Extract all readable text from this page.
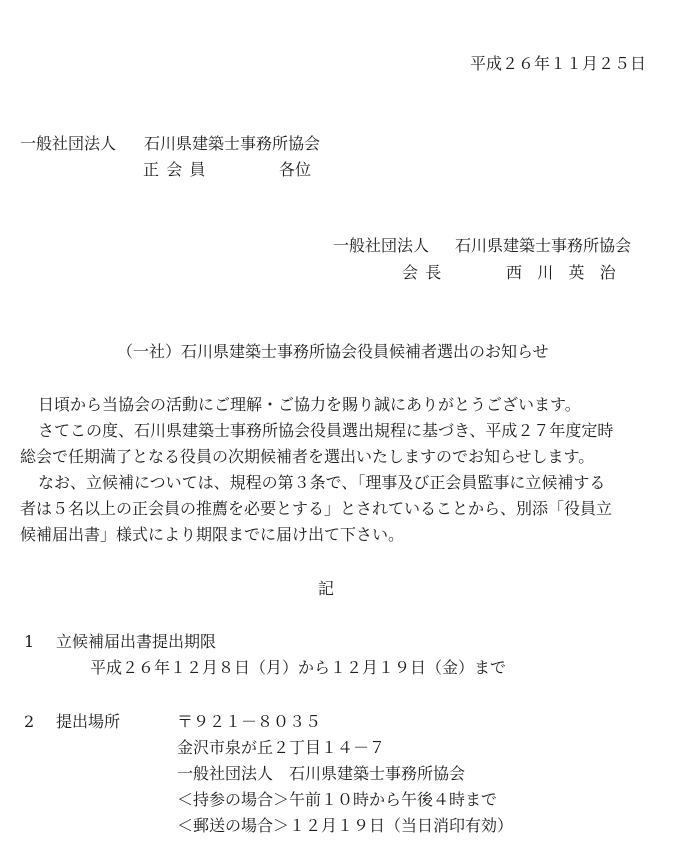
平成２６年１１月２５日

一般社団法人 石川県建築士事務所協会

正会員	各位

一般社団法人 石川県建築士事務所協会

会長	西川英治

（一社）石川県建築士事務所協会役員候補者選出のお知らせ

日頃から当協会の活動にご理解・ご協力を賜り誠にありがとうございます。

さてこの度、石川県建築士事務所協会役員選出規程に基づき、平成２７年度定時

総会で任期満了となる役員の次期候補者を選出いたしますのでお知らせします。

なお、立候補については、規程の第３条で、「理事及び正会員監事に立候補する

者は５名以上の正会員の推薦を必要とする」とされていることから、別添「役員立

候補届出書」様式により期限までに届け出て下さい。

記

1 立候補届出書提出期限

平成２６年１２月８日（月）から１２月１９日（金）まで

2 提出場所	〒９２１－８０３５

金沢市泉が丘２丁目１４－７

一般社団法人　石川県建築士事務所協会

＜持参の場合＞午前１０時から午後４時まで

＜郵送の場合＞１２月１９日（当日消印有効）
